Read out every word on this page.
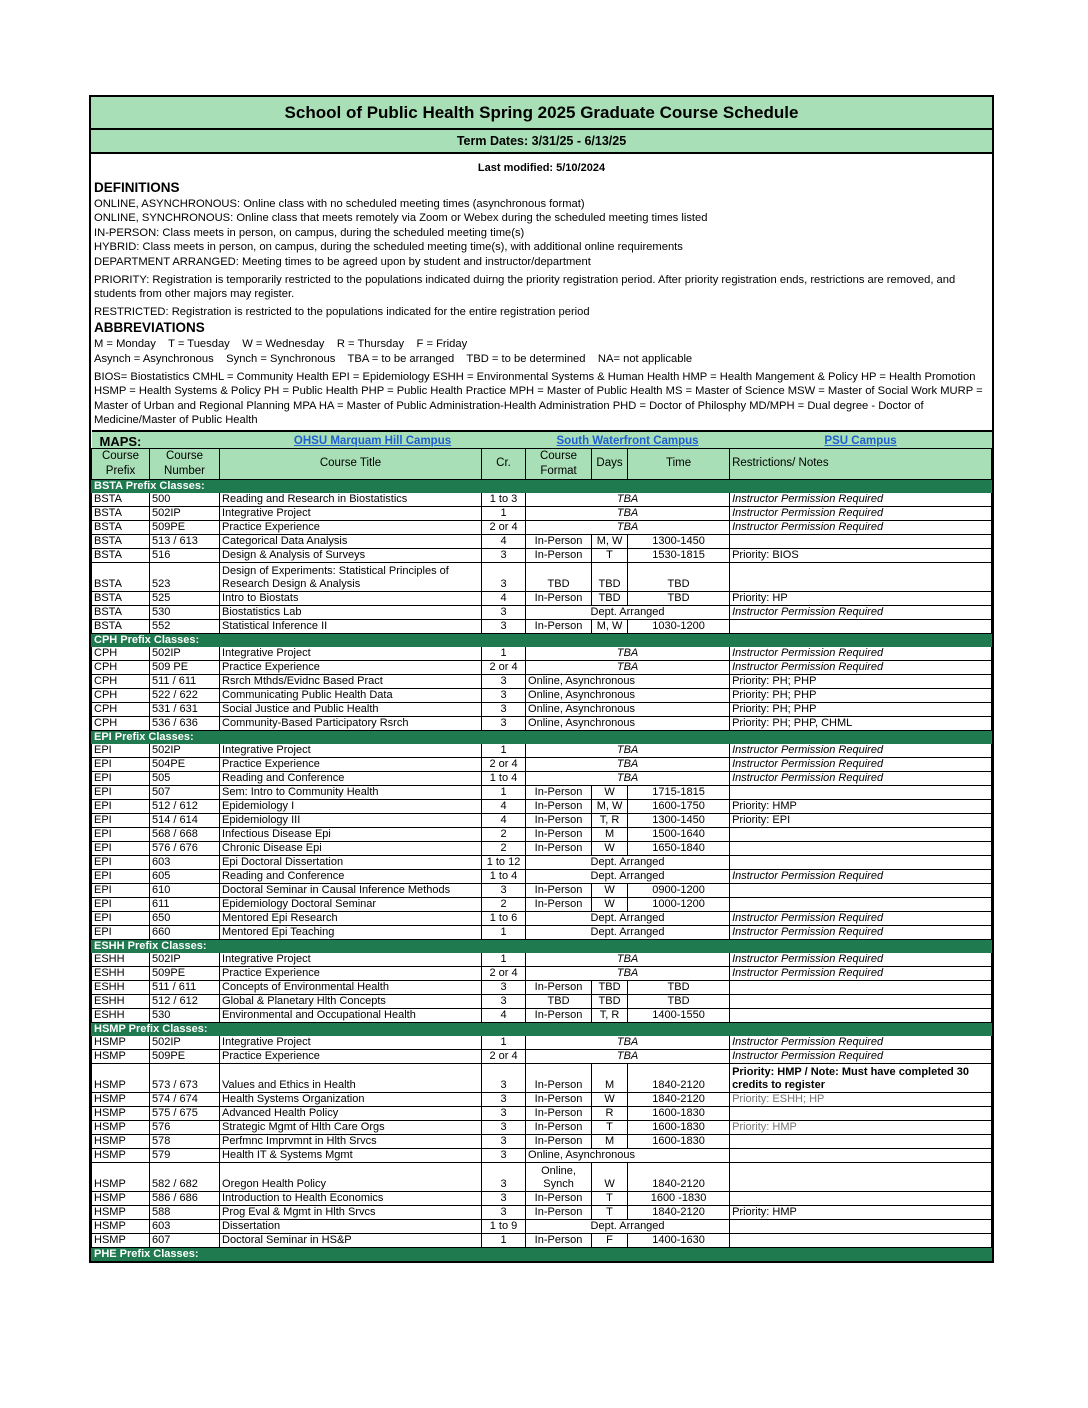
School of Public Health Spring 2025 Graduate Course Schedule
Term Dates: 3/31/25 - 6/13/25
Last modified: 5/10/2024
DEFINITIONS
ONLINE, ASYNCHRONOUS: Online class with no scheduled meeting times (asynchronous format)
ONLINE, SYNCHRONOUS: Online class that meets remotely via Zoom or Webex during the scheduled meeting times listed
IN-PERSON: Class meets in person, on campus, during the scheduled meeting time(s)
HYBRID: Class meets in person, on campus, during the scheduled meeting time(s), with additional online requirements
DEPARTMENT ARRANGED: Meeting times to be agreed upon by student and instructor/department
PRIORITY: Registration is temporarily restricted to the populations indicated duirng the priority registration period. After priority registration ends, restrictions are removed, and students from other majors may register.
RESTRICTED: Registration is restricted to the populations indicated for the entire registration period
ABBREVIATIONS
M = Monday    T = Tuesday    W = Wednesday    R = Thursday    F = Friday
Asynch = Asynchronous    Synch = Synchronous    TBA = to be arranged    TBD = to be determined    NA= not applicable
BIOS= Biostatistics CMHL = Community Health EPI = Epidemiology ESHH = Environmental Systems & Human Health HMP = Health Mangement & Policy HP = Health Promotion HSMP = Health Systems & Policy PH = Public Health PHP = Public Health Practice MPH = Master of Public Health MS = Master of Science MSW = Master of Social Work MURP = Master of Urban and Regional Planning MPA HA = Master of Public Administration-Health Administration PHD = Doctor of Philosphy MD/MPH = Dual degree - Doctor of Medicine/Master of Public Health
MAPS:		OHSU Marquam Hill Campus		South Waterfront Campus			PSU Campus
Course Prefix	Course Number	Course Title	Cr.	Course Format	Days	Time	Restrictions/ Notes
BSTA Prefix Classes:							
BSTA	500	Reading and Research in Biostatistics	1 to 3	TBA			Instructor Permission Required
BSTA	502IP	Integrative Project	1	TBA			Instructor Permission Required
BSTA	509PE	Practice Experience	2 or 4	TBA			Instructor Permission Required
BSTA	513 / 613	Categorical Data Analysis	4	In-Person	M, W	1300-1450	
BSTA	516	Design & Analysis of Surveys	3	In-Person	T	1530-1815	Priority: BIOS
BSTA	523	Design of Experiments: Statistical Principles of Research Design & Analysis	3	TBD	TBD	TBD	
BSTA	525	Intro to Biostats	4	In-Person	TBD	TBD	Priority: HP
BSTA	530	Biostatistics Lab	3	Dept. Arranged			Instructor Permission Required
BSTA	552	Statistical Inference II	3	In-Person	M, W	1030-1200	
CPH Prefix Classes:							
CPH	502IP	Integrative Project	1	TBA			Instructor Permission Required
CPH	509 PE	Practice Experience	2 or 4	TBA			Instructor Permission Required
CPH	511 / 611	Rsrch Mthds/Evidnc Based Pract	3	Online, Asynchronous			Priority: PH; PHP
CPH	522 / 622	Communicating Public Health Data	3	Online, Asynchronous			Priority: PH; PHP
CPH	531 / 631	Social Justice and Public Health	3	Online, Asynchronous			Priority: PH; PHP
CPH	536 / 636	Community-Based Participatory Rsrch	3	Online, Asynchronous			Priority: PH; PHP, CHML
EPI Prefix Classes:							
EPI	502IP	Integrative Project	1	TBA			Instructor Permission Required
EPI	504PE	Practice Experience	2 or 4	TBA			Instructor Permission Required
EPI	505	Reading and Conference	1 to 4	TBA			Instructor Permission Required
EPI	507	Sem: Intro to Community Health	1	In-Person	W	1715-1815	
EPI	512 / 612	Epidemiology I	4	In-Person	M, W	1600-1750	Priority: HMP
EPI	514 / 614	Epidemiology III	4	In-Person	T, R	1300-1450	Priority: EPI
EPI	568 / 668	Infectious Disease Epi	2	In-Person	M	1500-1640	
EPI	576 / 676	Chronic Disease Epi	2	In-Person	W	1650-1840	
EPI	603	Epi Doctoral Dissertation	1 to 12	Dept. Arranged			
EPI	605	Reading and Conference	1 to 4	Dept. Arranged			Instructor Permission Required
EPI	610	Doctoral Seminar in Causal Inference Methods	3	In-Person	W	0900-1200	
EPI	611	Epidemiology Doctoral Seminar	2	In-Person	W	1000-1200	
EPI	650	Mentored Epi Research	1 to 6	Dept. Arranged			Instructor Permission Required
EPI	660	Mentored Epi Teaching	1	Dept. Arranged			Instructor Permission Required
ESHH Prefix Classes:							
ESHH	502IP	Integrative Project	1	TBA			Instructor Permission Required
ESHH	509PE	Practice Experience	2 or 4	TBA			Instructor Permission Required
ESHH	511 / 611	Concepts of Environmental Health	3	In-Person	TBD	TBD	
ESHH	512 / 612	Global & Planetary Hlth Concepts	3	TBD	TBD	TBD	
ESHH	530	Environmental and Occupational Health	4	In-Person	T, R	1400-1550	
HSMP Prefix Classes:							
HSMP	502IP	Integrative Project	1	TBA			Instructor Permission Required
HSMP	509PE	Practice Experience	2 or 4	TBA			Instructor Permission Required
HSMP	573 / 673	Values and Ethics in Health	3	In-Person	M	1840-2120	Priority: HMP / Note: Must have completed 30 credits to register
HSMP	574 / 674	Health Systems Organization	3	In-Person	W	1840-2120	Priority: ESHH; HP
HSMP	575 / 675	Advanced Health Policy	3	In-Person	R	1600-1830	
HSMP	576	Strategic Mgmt of Hlth Care Orgs	3	In-Person	T	1600-1830	Priority: HMP
HSMP	578	Perfmnc Imprvmnt in Hlth Srvcs	3	In-Person	M	1600-1830	
HSMP	579	Health IT & Systems Mgmt	3	Online, Asynchronous			
HSMP	582 / 682	Oregon Health Policy	3	Online, Synch	W	1840-2120	
HSMP	586 / 686	Introduction to Health Economics	3	In-Person	T	1600 -1830	
HSMP	588	Prog Eval & Mgmt in Hlth Srvcs	3	In-Person	T	1840-2120	Priority: HMP
HSMP	603	Dissertation	1 to 9	Dept. Arranged			
HSMP	607	Doctoral Seminar in HS&P	1	In-Person	F	1400-1630	
PHE Prefix Classes:							
